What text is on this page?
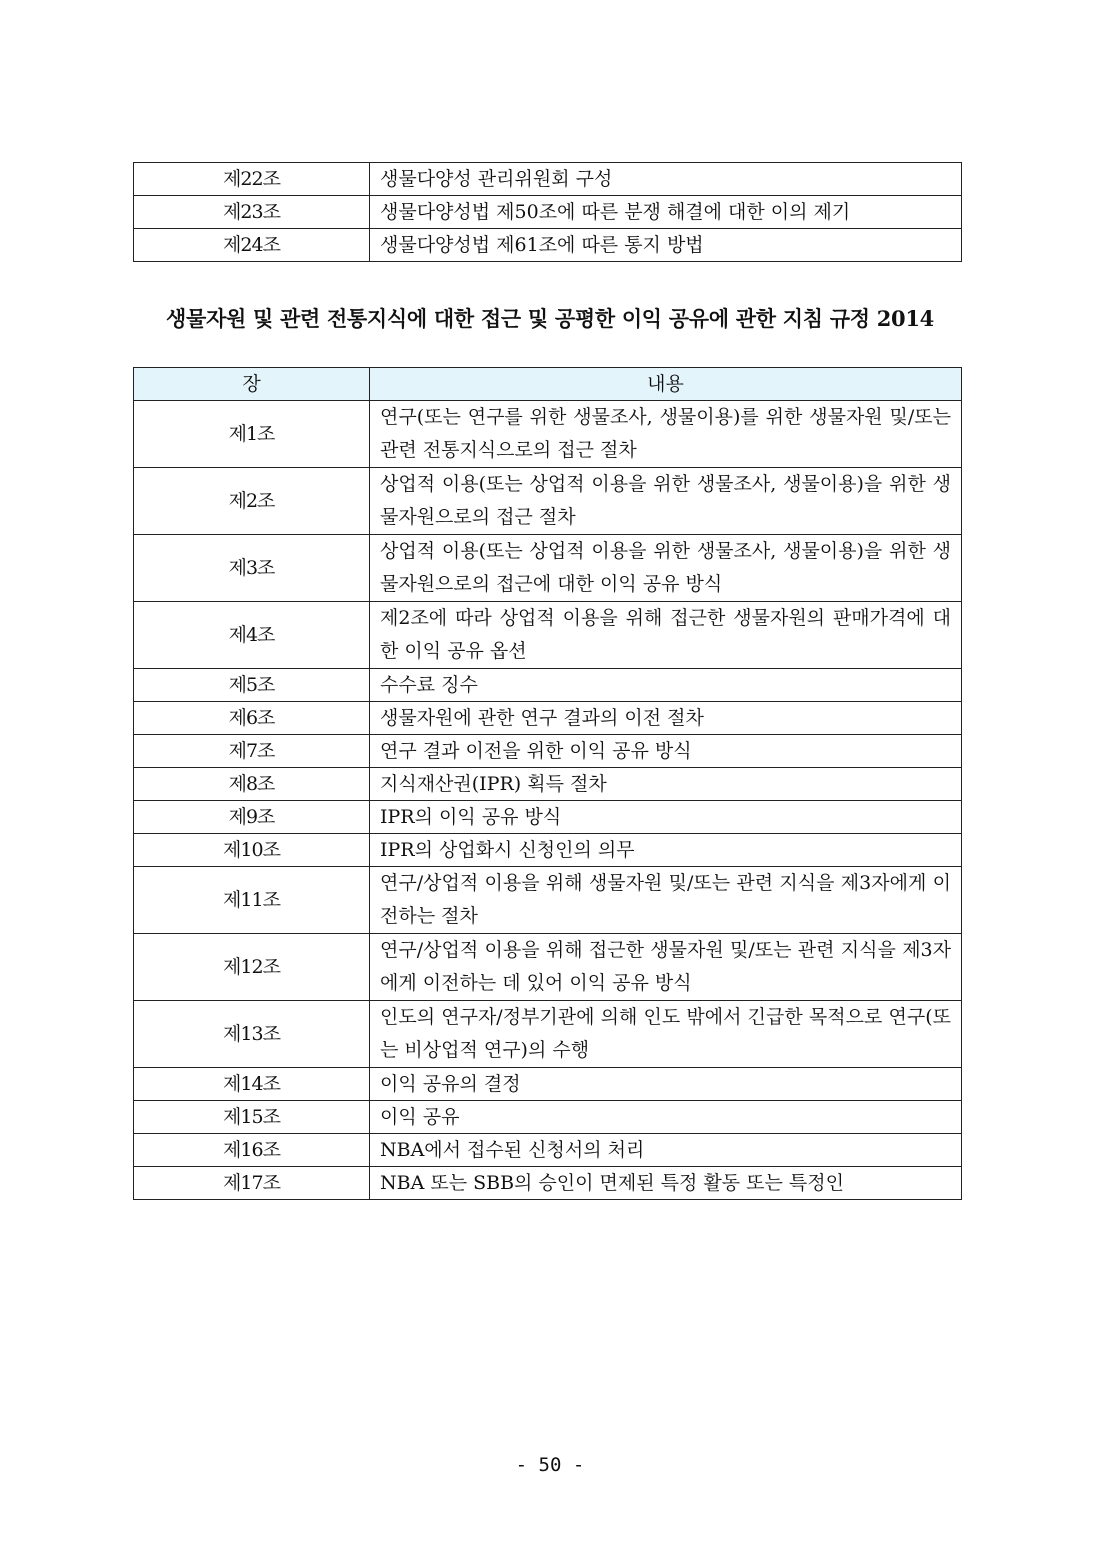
제22조	생물다양성 관리위원회 구성
제23조	생물다양성법 제50조에 따른 분쟁 해결에 대한 이의 제기
제24조	생물다양성법 제61조에 따른 통지 방법
생물자원 및 관련 전통지식에 대한 접근 및 공평한 이익 공유에 관한 지침 규정 2014
장	내용
제1조	연구(또는 연구를 위한 생물조사, 생물이용)를 위한 생물자원 및/또는 관련 전통지식으로의 접근 절차
제2조	상업적 이용(또는 상업적 이용을 위한 생물조사, 생물이용)을 위한 생물자원으로의 접근 절차
제3조	상업적 이용(또는 상업적 이용을 위한 생물조사, 생물이용)을 위한 생물자원으로의 접근에 대한 이익 공유 방식
제4조	제2조에 따라 상업적 이용을 위해 접근한 생물자원의 판매가격에 대한 이익 공유 옵션
제5조	수수료 징수
제6조	생물자원에 관한 연구 결과의 이전 절차
제7조	연구 결과 이전을 위한 이익 공유 방식
제8조	지식재산권(IPR) 획득 절차
제9조	IPR의 이익 공유 방식
제10조	IPR의 상업화시 신청인의 의무
제11조	연구/상업적 이용을 위해 생물자원 및/또는 관련 지식을 제3자에게 이전하는 절차
제12조	연구/상업적 이용을 위해 접근한 생물자원 및/또는 관련 지식을 제3자에게 이전하는 데 있어 이익 공유 방식
제13조	인도의 연구자/정부기관에 의해 인도 밖에서 긴급한 목적으로 연구(또는 비상업적 연구)의 수행
제14조	이익 공유의 결정
제15조	이익 공유
제16조	NBA에서 접수된 신청서의 처리
제17조	NBA 또는 SBB의 승인이 면제된 특정 활동 또는 특정인
- 50 -
